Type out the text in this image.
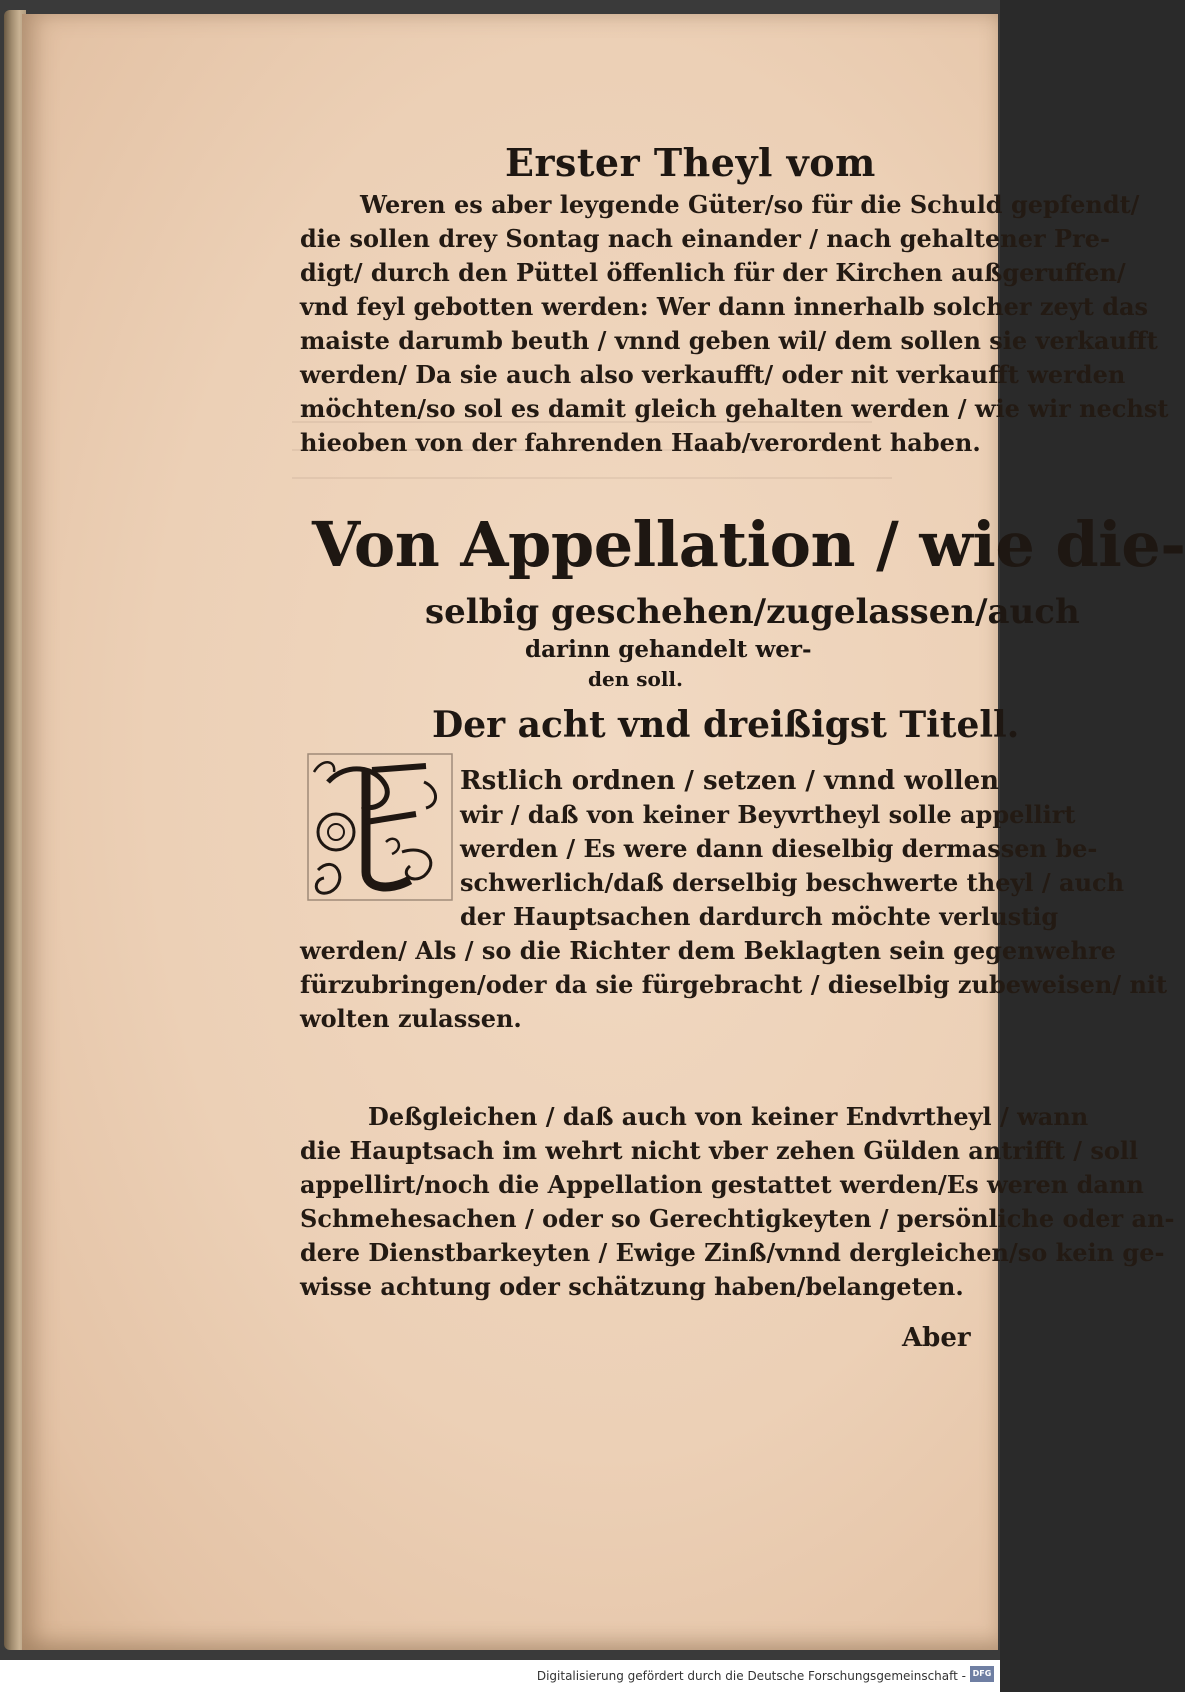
Erster Theyl vom
Weren es aber leygende Güter/so für die Schuld gepfendt/
die sollen drey Sontag nach einander / nach gehaltener Pre-
digt/ durch den Püttel öffenlich für der Kirchen außgeruffen/
vnd feyl gebotten werden: Wer dann innerhalb solcher zeyt das
maiste darumb beuth / vnnd geben wil/ dem sollen sie verkaufft
werden/ Da sie auch also verkaufft/ oder nit verkaufft werden
möchten/so sol es damit gleich gehalten werden / wie wir nechst
hieoben von der fahrenden Haab/verordent haben.
Von Appellation / wie die-
selbig geschehen/zugelassen/auch
darinn gehandelt wer-
den soll.
Der acht vnd dreißigst Titell.
Rstlich ordnen / setzen / vnnd wollen
wir / daß von keiner Beyvrtheyl solle appellirt
werden / Es were dann dieselbig dermassen be-
schwerlich/daß derselbig beschwerte theyl / auch
der Hauptsachen dardurch möchte verlustig
werden/ Als / so die Richter dem Beklagten sein gegenwehre
fürzubringen/oder da sie fürgebracht / dieselbig zubeweisen/ nit
wolten zulassen.
Deßgleichen / daß auch von keiner Endvrtheyl / wann
die Hauptsach im wehrt nicht vber zehen Gülden antrifft / soll
appellirt/noch die Appellation gestattet werden/Es weren dann
Schmehesachen / oder so Gerechtigkeyten / persönliche oder an-
dere Dienstbarkeyten / Ewige Zinß/vnnd dergleichen/so kein ge-
wisse achtung oder schätzung haben/belangeten.
Aber
Digitalisierung gefördert durch die Deutsche Forschungsgemeinschaft - DFG
